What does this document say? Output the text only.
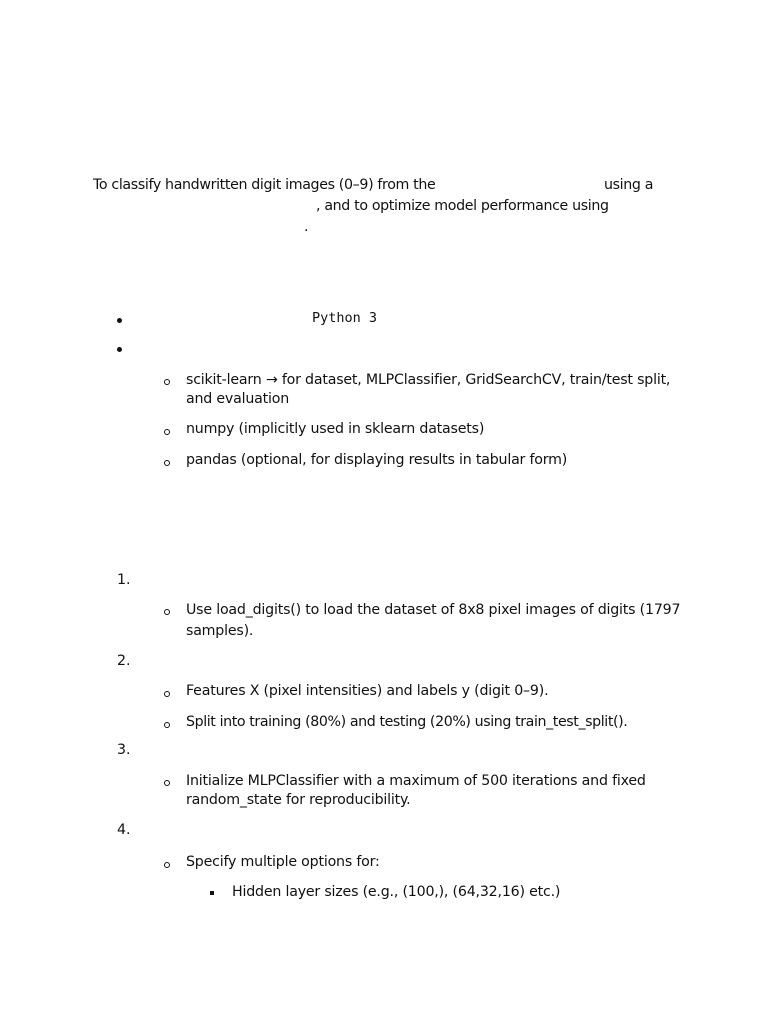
To classify handwritten digit images (0–9) from the	using a
, and to optimize model performance using
.
Python 3
scikit-learn → for dataset, MLPClassifier, GridSearchCV, train/test split,
and evaluation
numpy (implicitly used in sklearn datasets)
pandas (optional, for displaying results in tabular form)
1.
Use load_digits() to load the dataset of 8x8 pixel images of digits (1797
samples).
2.
Features X (pixel intensities) and labels y (digit 0–9).
Split into training (80%) and testing (20%) using train_test_split().
3.
Initialize MLPClassifier with a maximum of 500 iterations and fixed
random_state for reproducibility.
4.
Specify multiple options for:
Hidden layer sizes (e.g., (100,), (64,32,16) etc.)
